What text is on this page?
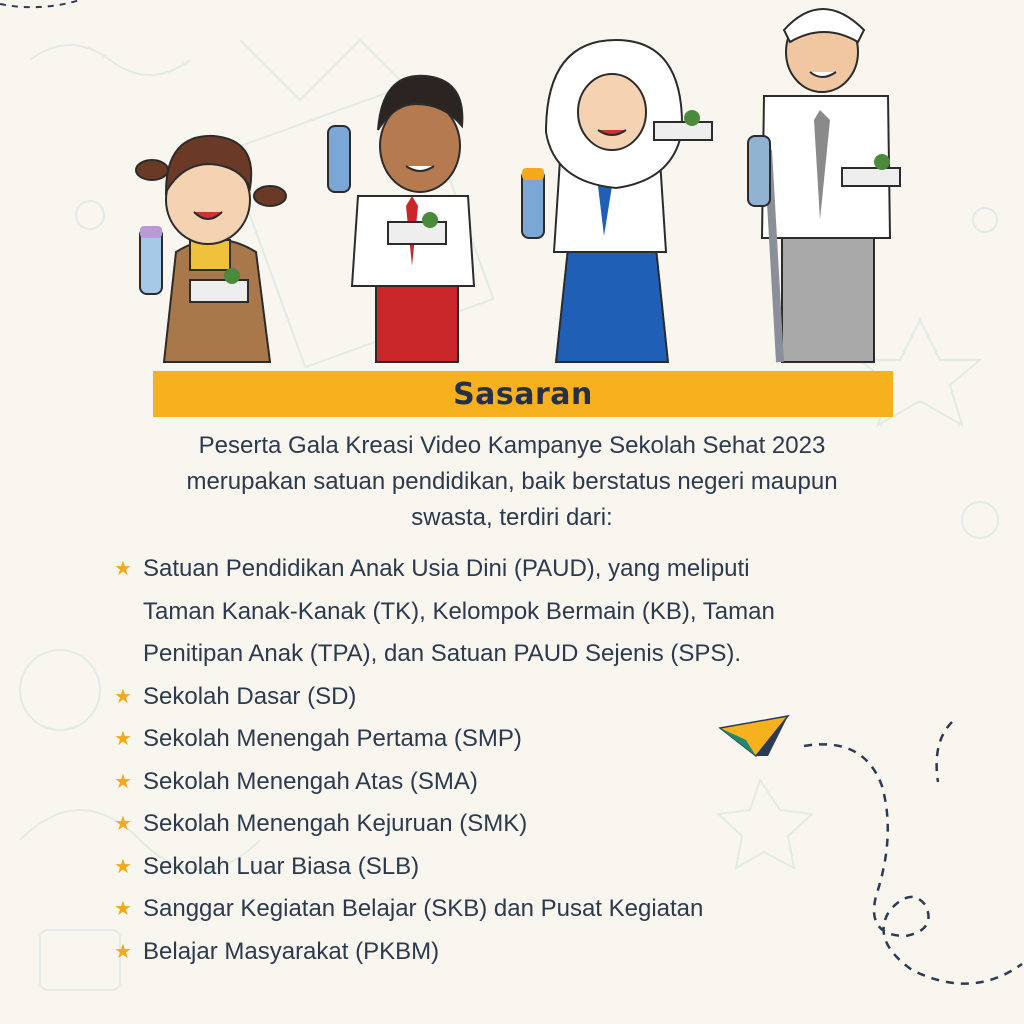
Sasaran

Peserta Gala Kreasi Video Kampanye Sekolah Sehat 2023

merupakan satuan pendidikan, baik berstatus negeri maupun

swasta, terdiri dari:

★ Satuan Pendidikan Anak Usia Dini (PAUD), yang meliputi
Taman Kanak-Kanak (TK), Kelompok Bermain (KB), Taman
Penitipan Anak (TPA), dan Satuan PAUD Sejenis (SPS).
★ Sekolah Dasar (SD)
★ Sekolah Menengah Pertama (SMP)
★ Sekolah Menengah Atas (SMA)
★ Sekolah Menengah Kejuruan (SMK)
★ Sekolah Luar Biasa (SLB)
★ Sanggar Kegiatan Belajar (SKB) dan Pusat Kegiatan
★ Belajar Masyarakat (PKBM)
